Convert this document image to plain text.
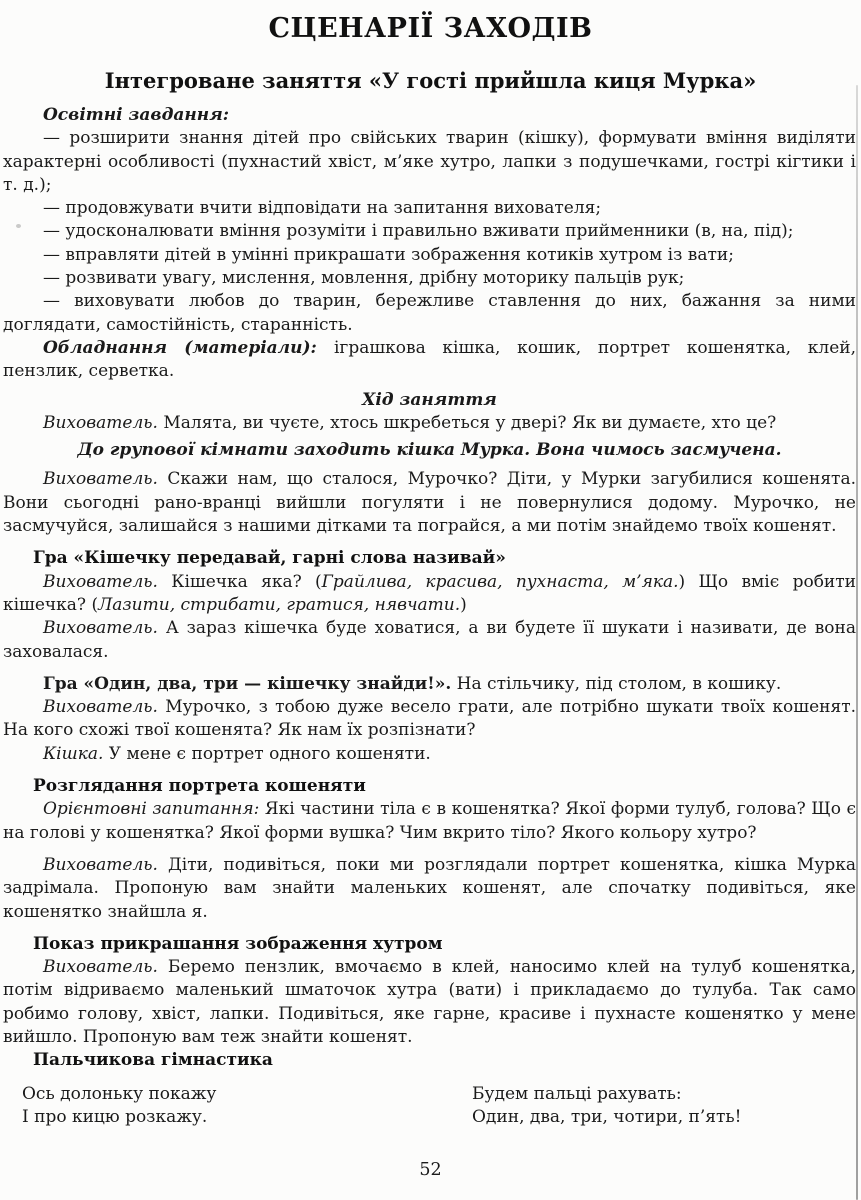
СЦЕНАРІЇ ЗАХОДІВ
Інтегроване заняття «У гості прийшла киця Мурка»

Освітні завдання:

— розширити знання дітей про свійських тварин (кішку), формувати вміння виділяти характерні особливості (пухнастий хвіст, м’яке хутро, лапки з подушечками, гострі кігтики і т. д.);

— продовжувати вчити відповідати на запитання вихователя;

— удосконалювати вміння розуміти і правильно вживати прийменники (в, на, під);

— вправляти дітей в умінні прикрашати зображення котиків хутром із вати;

— розвивати увагу, мислення, мовлення, дрібну моторику пальців рук;

— виховувати любов до тварин, бережливе ставлення до них, бажання за ними доглядати, самостійність, старанність.

Обладнання (матеріали): іграшкова кішка, кошик, портрет кошенятка, клей, пензлик, серветка.

Хід заняття

Вихователь. Малята, ви чуєте, хтось шкребеться у двері? Як ви думаєте, хто це?

До групової кімнати заходить кішка Мурка. Вона чимось засмучена.

Вихователь. Скажи нам, що сталося, Мурочко? Діти, у Мурки загубилися кошенята. Вони сьогодні рано-вранці вийшли погуляти і не повернулися додому. Мурочко, не засмучуйся, залишайся з нашими дітками та пограйся, а ми потім знайдемо твоїх кошенят.

Гра «Кішечку передавай, гарні слова називай»

Вихователь. Кішечка яка? (Грайлива, красива, пухнаста, м’яка.) Що вміє робити кішечка? (Лазити, стрибати, гратися, нявчати.)

Вихователь. А зараз кішечка буде ховатися, а ви будете її шукати і називати, де вона заховалася.

Гра «Один, два, три — кішечку знайди!». На стільчику, під столом, в кошику.

Вихователь. Мурочко, з тобою дуже весело грати, але потрібно шукати твоїх кошенят. На кого схожі твої кошенята? Як нам їх розпізнати?

Кішка. У мене є портрет одного кошеняти.

Розглядання портрета кошеняти

Орієнтовні запитання: Які частини тіла є в кошенятка? Якої форми тулуб, голова? Що є на голові у кошенятка? Якої форми вушка? Чим вкрито тіло? Якого кольору хутро?

Вихователь. Діти, подивіться, поки ми розглядали портрет кошенятка, кішка Мурка задрімала. Пропоную вам знайти маленьких кошенят, але спочатку подивіться, яке кошенятко знайшла я.

Показ прикрашання зображення хутром

Вихователь. Беремо пензлик, вмочаємо в клей, наносимо клей на тулуб кошенятка, потім відриваємо маленький шматочок хутра (вати) і прикладаємо до тулуба. Так само робимо голову, хвіст, лапки. Подивіться, яке гарне, красиве і пухнасте кошенятко у мене вийшло. Пропоную вам теж знайти кошенят.

Пальчикова гімнастика

Ось долоньку покажу

І про кицю розкажу.

Будем пальці рахувать:

Один, два, три, чотири, п’ять!

52
